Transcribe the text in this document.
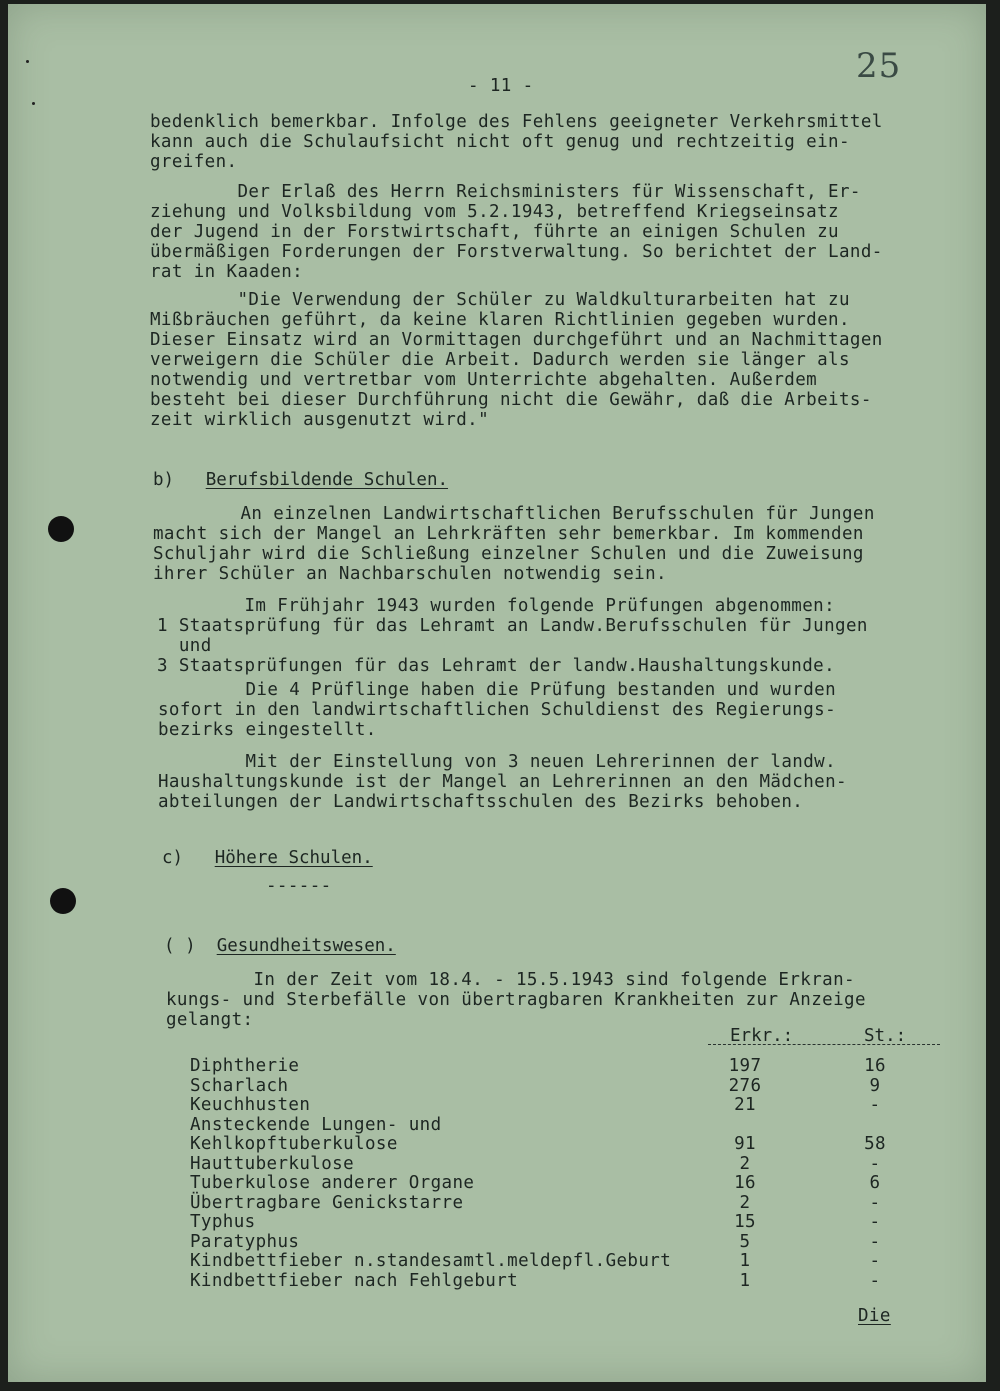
25
- 11 -
bedenklich bemerkbar. Infolge des Fehlens geeigneter Verkehrsmittel
kann auch die Schulaufsicht nicht oft genug und rechtzeitig ein-
greifen.
Der Erlaß des Herrn Reichsministers für Wissenschaft, Er-
ziehung und Volksbildung vom 5.2.1943, betreffend Kriegseinsatz
der Jugend in der Forstwirtschaft, führte an einigen Schulen zu
übermäßigen Forderungen der Forstverwaltung. So berichtet der Land-
rat in Kaaden:
"Die Verwendung der Schüler zu Waldkulturarbeiten hat zu
Mißbräuchen geführt, da keine klaren Richtlinien gegeben wurden.
Dieser Einsatz wird an Vormittagen durchgeführt und an Nachmittagen
verweigern die Schüler die Arbeit. Dadurch werden sie länger als
notwendig und vertretbar vom Unterrichte abgehalten. Außerdem
besteht bei dieser Durchführung nicht die Gewähr, daß die Arbeits-
zeit wirklich ausgenutzt wird."
b) Berufsbildende Schulen.
An einzelnen Landwirtschaftlichen Berufsschulen für Jungen
macht sich der Mangel an Lehrkräften sehr bemerkbar. Im kommenden
Schuljahr wird die Schließung einzelner Schulen und die Zuweisung
ihrer Schüler an Nachbarschulen notwendig sein.
Im Frühjahr 1943 wurden folgende Prüfungen abgenommen:
1 Staatsprüfung für das Lehramt an Landw.Berufsschulen für Jungen
und
3 Staatsprüfungen für das Lehramt der landw.Haushaltungskunde.
Die 4 Prüflinge haben die Prüfung bestanden und wurden
sofort in den landwirtschaftlichen Schuldienst des Regierungs-
bezirks eingestellt.
Mit der Einstellung von 3 neuen Lehrerinnen der landw.
Haushaltungskunde ist der Mangel an Lehrerinnen an den Mädchen-
abteilungen der Landwirtschaftsschulen des Bezirks behoben.
c) Höhere Schulen.
------
( ) Gesundheitswesen.
In der Zeit vom 18.4. - 15.5.1943 sind folgende Erkran-
kungs- und Sterbefälle von übertragbaren Krankheiten zur Anzeige
gelangt:
Erkr.:	St.:
Diphtherie	197	16
Scharlach	276	9
Keuchhusten	21	-
Ansteckende Lungen- und
Kehlkopftuberkulose	91	58
Hauttuberkulose	2	-
Tuberkulose anderer Organe	16	6
Übertragbare Genickstarre	2	-
Typhus	15	-
Paratyphus	5	-
Kindbettfieber n.standesamtl.meldepfl.Geburt	1	-
Kindbettfieber nach Fehlgeburt	1	-
Die
